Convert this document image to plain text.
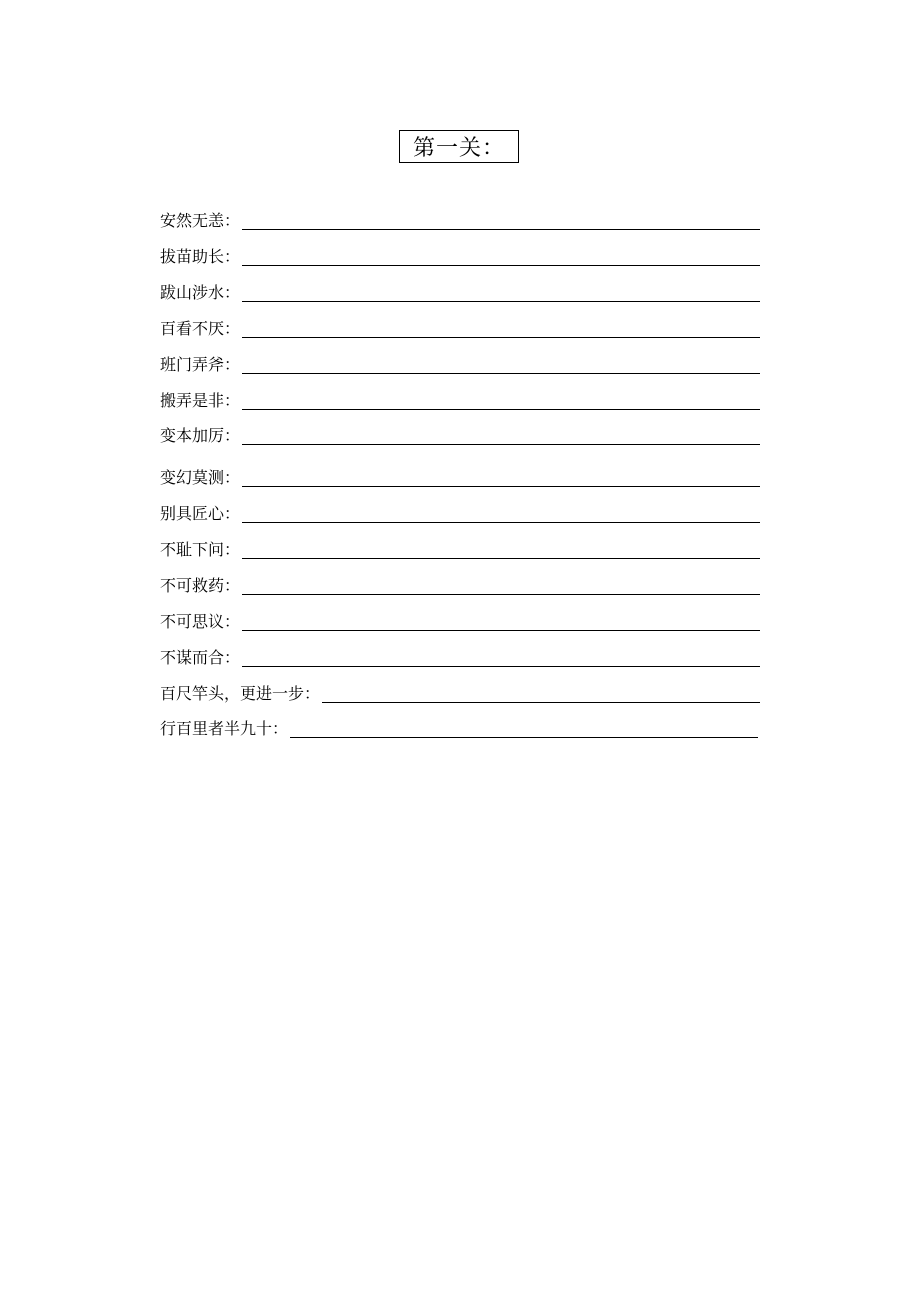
第一关：
安然无恙：
拔苗助长：
跋山涉水：
百看不厌：
班门弄斧：
搬弄是非：
变本加厉：
变幻莫测：
别具匠心：
不耻下问：
不可救药：
不可思议：
不谋而合：
百尺竿头，更进一步：
行百里者半九十：
